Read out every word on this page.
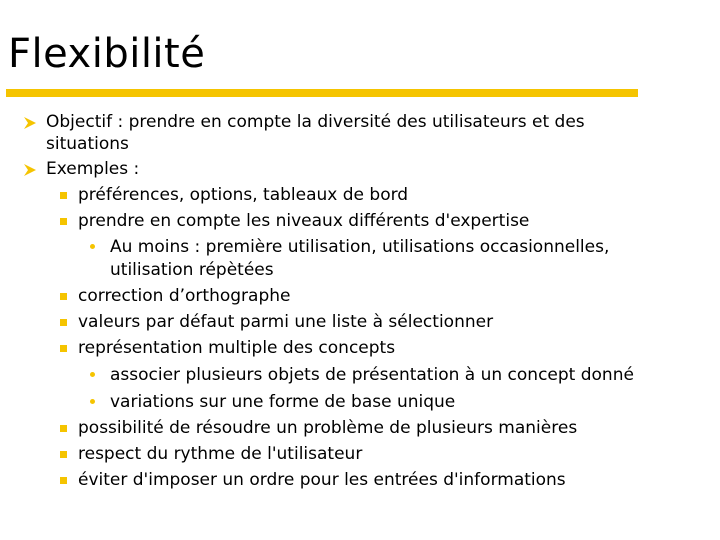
Flexibilité
Objectif : prendre en compte la diversité des utilisateurs et des
situations
Exemples :
préférences, options, tableaux de bord
prendre en compte les niveaux différents d'expertise
Au moins : première utilisation, utilisations occasionnelles,
utilisation répètées
correction d’orthographe
valeurs par défaut parmi une liste à sélectionner
représentation multiple des concepts
associer plusieurs objets de présentation à un concept donné
variations sur une forme de base unique
possibilité de résoudre un problème de plusieurs manières
respect du rythme de l'utilisateur
éviter d'imposer un ordre pour les entrées d'informations
